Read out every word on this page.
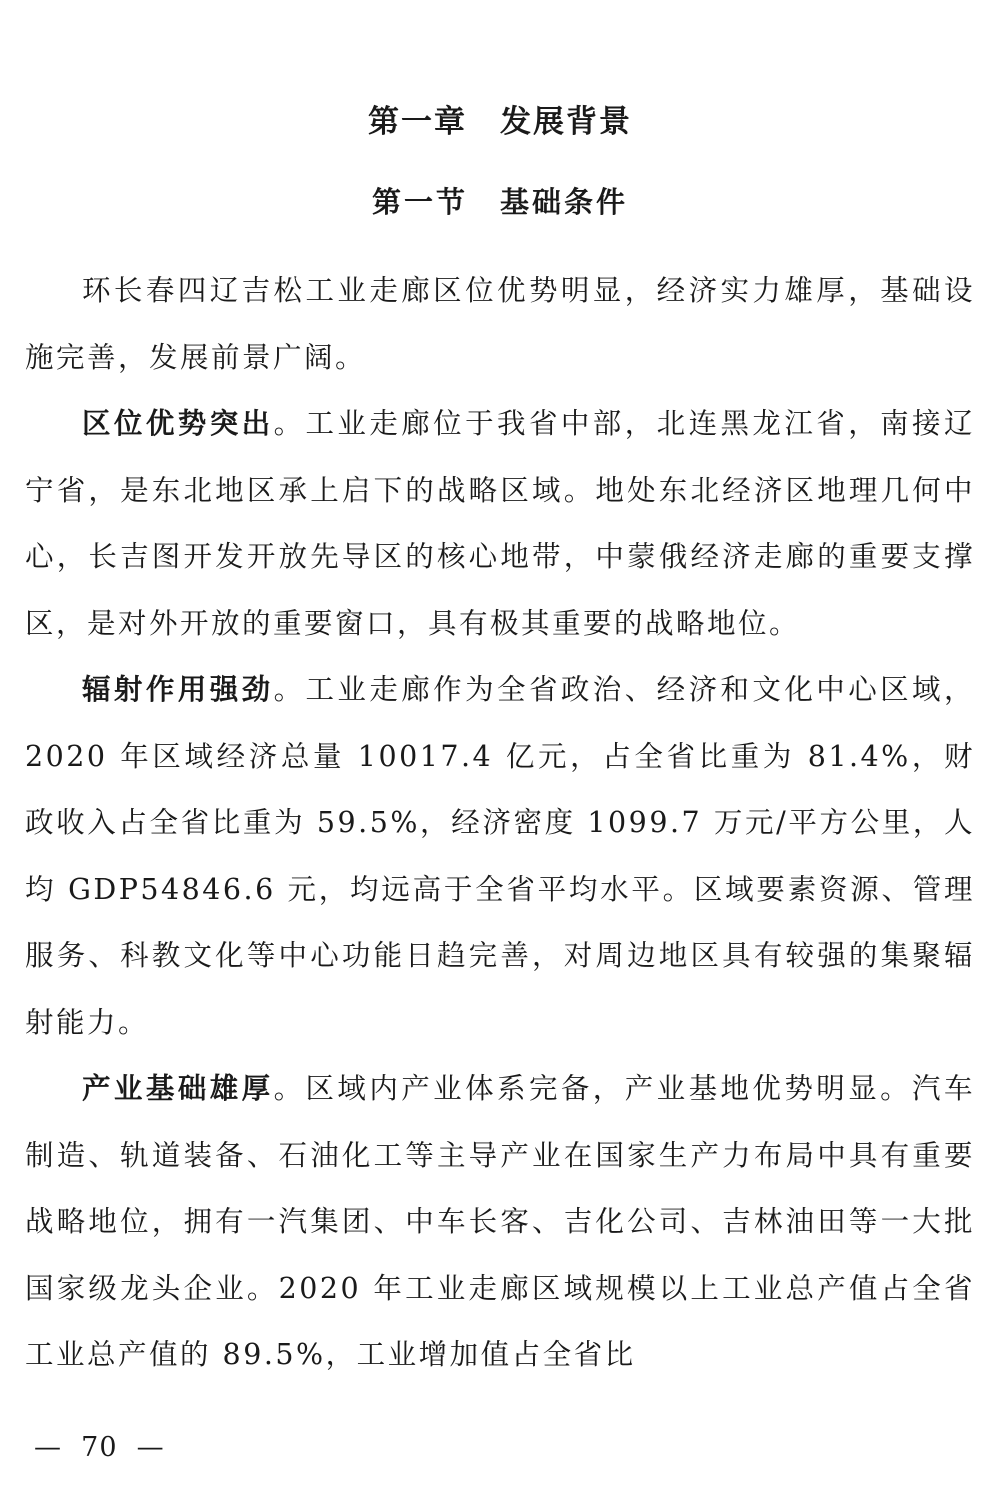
第一章　发展背景
第一节　基础条件

环长春四辽吉松工业走廊区位优势明显，经济实力雄厚，基础设施完善，发展前景广阔。

区位优势突出。工业走廊位于我省中部，北连黑龙江省，南接辽宁省，是东北地区承上启下的战略区域。地处东北经济区地理几何中心，长吉图开发开放先导区的核心地带，中蒙俄经济走廊的重要支撑区，是对外开放的重要窗口，具有极其重要的战略地位。

辐射作用强劲。工业走廊作为全省政治、经济和文化中心区域，2020 年区域经济总量 10017.4 亿元，占全省比重为 81.4%，财政收入占全省比重为 59.5%，经济密度 1099.7 万元/平方公里，人均 GDP54846.6 元，均远高于全省平均水平。区域要素资源、管理服务、科教文化等中心功能日趋完善，对周边地区具有较强的集聚辐射能力。

产业基础雄厚。区域内产业体系完备，产业基地优势明显。汽车制造、轨道装备、石油化工等主导产业在国家生产力布局中具有重要战略地位，拥有一汽集团、中车长客、吉化公司、吉林油田等一大批国家级龙头企业。2020 年工业走廊区域规模以上工业总产值占全省工业总产值的 89.5%，工业增加值占全省比

—  70  —
